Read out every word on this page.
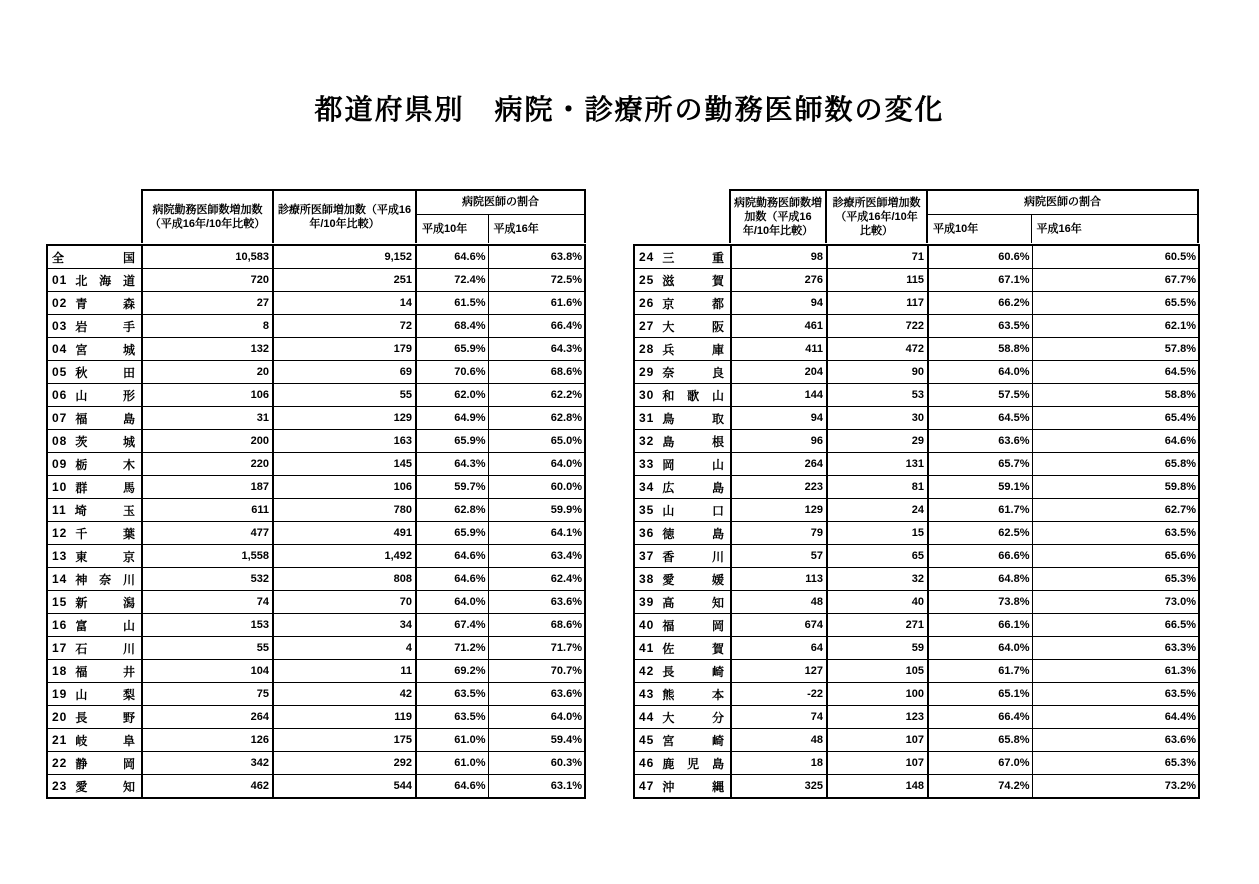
都道府県別　病院・診療所の勤務医師数の変化
病院勤務医師数増加数（平成16年/10年比較）	診療所医師増加数（平成16年/10年比較）	病院医師の割合	
		平成10年	平成16年
病院勤務医師数増加数（平成16年/10年比較）	診療所医師増加数（平成16年/10年比較）	病院医師の割合	
		平成10年	平成16年
全 国	10,583	9,152	64.6%	63.8%

01 北 海 道	720	251	72.4%	72.5%

02 青 森	27	14	61.5%	61.6%

03 岩 手	8	72	68.4%	66.4%

04 宮 城	132	179	65.9%	64.3%

05 秋 田	20	69	70.6%	68.6%

06 山 形	106	55	62.0%	62.2%

07 福 島	31	129	64.9%	62.8%

08 茨 城	200	163	65.9%	65.0%

09 栃 木	220	145	64.3%	64.0%

10 群 馬	187	106	59.7%	60.0%

11 埼 玉	611	780	62.8%	59.9%

12 千 葉	477	491	65.9%	64.1%

13 東 京	1,558	1,492	64.6%	63.4%

14 神 奈 川	532	808	64.6%	62.4%

15 新 潟	74	70	64.0%	63.6%

16 富 山	153	34	67.4%	68.6%

17 石 川	55	4	71.2%	71.7%

18 福 井	104	11	69.2%	70.7%

19 山 梨	75	42	63.5%	63.6%

20 長 野	264	119	63.5%	64.0%

21 岐 阜	126	175	61.0%	59.4%

22 静 岡	342	292	61.0%	60.3%

23 愛 知	462	544	64.6%	63.1%
24 三 重	98	71	60.6%	60.5%

25 滋 賀	276	115	67.1%	67.7%

26 京 都	94	117	66.2%	65.5%

27 大 阪	461	722	63.5%	62.1%

28 兵 庫	411	472	58.8%	57.8%

29 奈 良	204	90	64.0%	64.5%

30 和 歌 山	144	53	57.5%	58.8%

31 鳥 取	94	30	64.5%	65.4%

32 島 根	96	29	63.6%	64.6%

33 岡 山	264	131	65.7%	65.8%

34 広 島	223	81	59.1%	59.8%

35 山 口	129	24	61.7%	62.7%

36 徳 島	79	15	62.5%	63.5%

37 香 川	57	65	66.6%	65.6%

38 愛 媛	113	32	64.8%	65.3%

39 高 知	48	40	73.8%	73.0%

40 福 岡	674	271	66.1%	66.5%

41 佐 賀	64	59	64.0%	63.3%

42 長 崎	127	105	61.7%	61.3%

43 熊 本	-22	100	65.1%	63.5%

44 大 分	74	123	66.4%	64.4%

45 宮 崎	48	107	65.8%	63.6%

46 鹿 児 島	18	107	67.0%	65.3%

47 沖 縄	325	148	74.2%	73.2%
